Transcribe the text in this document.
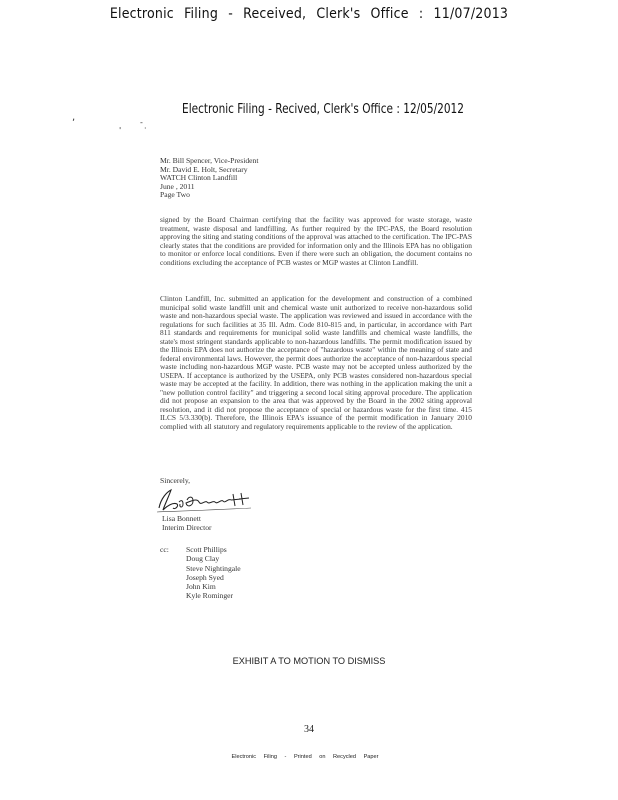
Electronic Filing - Received, Clerk's Office : 11/07/2013
Electronic Filing - Recived, Clerk's Office : 12/05/2012
,
'
-
·
Mr. Bill Spencer, Vice-President
Mr. David E. Holt, Secretary
WATCH Clinton Landfill
June , 2011
Page Two
signed by the Board Chairman certifying that the facility was approved for waste storage, waste treatment, waste disposal and landfilling. As further required by the IPC-PAS, the Board resolution approving the siting and stating conditions of the approval was attached to the certification. The IPC-PAS clearly states that the conditions are provided for information only and the Illinois EPA has no obligation to monitor or enforce local conditions. Even if there were such an obligation, the document contains no conditions excluding the acceptance of PCB wastes or MGP wastes at Clinton Landfill.
Clinton Landfill, Inc. submitted an application for the development and construction of a combined municipal solid waste landfill unit and chemical waste unit authorized to receive non-hazardous solid waste and non-hazardous special waste. The application was reviewed and issued in accordance with the regulations for such facilities at 35 Ill. Adm. Code 810-815 and, in particular, in accordance with Part 811 standards and requirements for municipal solid waste landfills and chemical waste landfills, the state's most stringent standards applicable to non-hazardous landfills. The permit modification issued by the Illinois EPA does not authorize the acceptance of "hazardous waste" within the meaning of state and federal environmental laws. However, the permit does authorize the acceptance of non-hazardous special waste including non-hazardous MGP waste. PCB waste may not be accepted unless authorized by the USEPA. If acceptance is authorized by the USEPA, only PCB wastes considered non-hazardous special waste may be accepted at the facility. In addition, there was nothing in the application making the unit a "new pollution control facility" and triggering a second local siting approval procedure. The application did not propose an expansion to the area that was approved by the Board in the 2002 siting approval resolution, and it did not propose the acceptance of special or hazardous waste for the first time. 415 ILCS 5/3.330(b). Therefore, the Illinois EPA's issuance of the permit modification in January 2010 complied with all statutory and regulatory requirements applicable to the review of the application.
Sincerely,
Lisa Bonnett
Interim Director
cc: Scott Phillips
Doug Clay
Steve Nightingale
Joseph Syed
John Kim
Kyle Rominger
EXHIBIT A TO MOTION TO DISMISS
34
Electronic Filing - Printed on Recycled Paper
